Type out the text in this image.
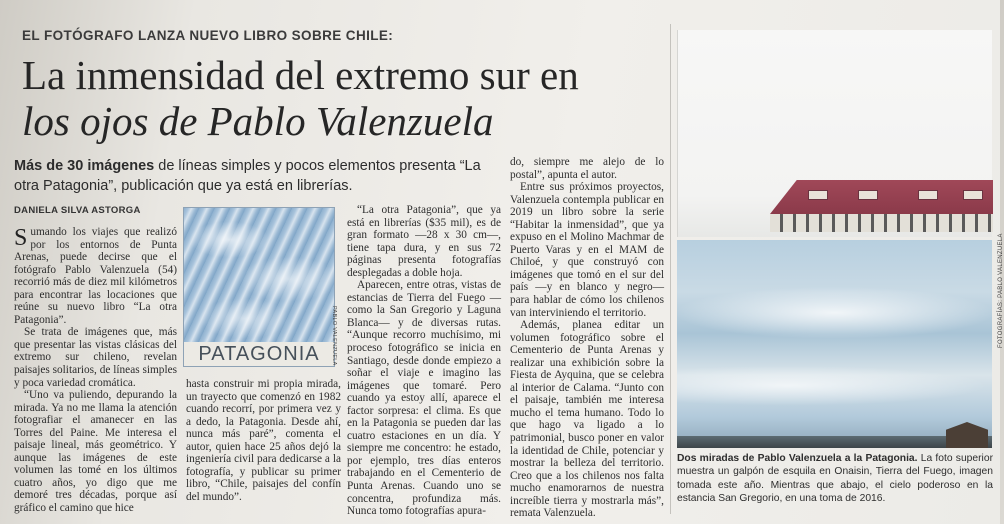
EL FOTÓGRAFO LANZA NUEVO LIBRO SOBRE CHILE:
La inmensidad del extremo sur en
los ojos de Pablo Valenzuela
Más de 30 imágenes de líneas simples y pocos elementos presenta “La otra Patagonia”, publicación que ya está en librerías.
DANIELA SILVA ASTORGA

Sumando los viajes que realizó por los entornos de Punta Arenas, puede decirse que el fotógrafo Pablo Valenzuela (54) recorrió más de diez mil kilómetros para encontrar las locaciones que reúne su nuevo libro “La otra Patagonia”.

Se trata de imágenes que, más que presentar las vistas clásicas del extremo sur chileno, revelan paisajes solitarios, de líneas simples y poca variedad cromática.

“Uno va puliendo, depurando la mirada. Ya no me llama la atención fotografiar el amanecer en las Torres del Paine. Me interesa el paisaje lineal, más geométrico. Y aunque las imágenes de este volumen las tomé en los últimos cuatro años, yo digo que me demoré tres décadas, porque así gráfico el camino que hice

PATAGONIA	PABLO VALENZUELA

hasta construir mi propia mirada, un trayecto que comenzó en 1982 cuando recorrí, por primera vez y a dedo, la Patagonia. Desde ahí, nunca más paré”, comenta el autor, quien hace 25 años dejó la ingeniería civil para dedicarse a la fotografía, y publicar su primer libro, “Chile, paisajes del confín del mundo”.

“La otra Patagonia”, que ya está en librerías ($35 mil), es de gran formato —28 x 30 cm—, tiene tapa dura, y en sus 72 páginas presenta fotografías desplegadas a doble hoja.

Aparecen, entre otras, vistas de estancias de Tierra del Fuego —como la San Gregorio y Laguna Blanca— y de diversas rutas. “Aunque recorro muchísimo, mi proceso fotográfico se inicia en Santiago, desde donde empiezo a soñar el viaje e imagino las imágenes que tomaré. Pero cuando ya estoy allí, aparece el factor sorpresa: el clima. Es que en la Patagonia se pueden dar las cuatro estaciones en un día. Y siempre me concentro: he estado, por ejemplo, tres días enteros trabajando en el Cementerio de Punta Arenas. Cuando uno se concentra, profundiza más. Nunca tomo fotografías apura-

do, siempre me alejo de lo postal”, apunta el autor.

Entre sus próximos proyectos, Valenzuela contempla publicar en 2019 un libro sobre la serie “Habitar la inmensidad”, que ya expuso en el Molino Machmar de Puerto Varas y en el MAM de Chiloé, y que construyó con imágenes que tomó en el sur del país —y en blanco y negro— para hablar de cómo los chilenos van interviniendo el territorio.

Además, planea editar un volumen fotográfico sobre el Cementerio de Punta Arenas y realizar una exhibición sobre la Fiesta de Ayquina, que se celebra al interior de Calama. “Junto con el paisaje, también me interesa mucho el tema humano. Todo lo que hago va ligado a lo patrimonial, busco poner en valor la identidad de Chile, potenciar y mostrar la belleza del territorio. Creo que a los chilenos nos falta mucho enamorarnos de nuestra increíble tierra y mostrarla más”, remata Valenzuela.

FOTOGRAFÍAS: PABLO VALENZUELA
Dos miradas de Pablo Valenzuela a la Patagonia. La foto superior muestra un galpón de esquila en Onaisin, Tierra del Fuego, imagen tomada este año. Mientras que abajo, el cielo poderoso en la estancia San Gregorio, en una toma de 2016.
